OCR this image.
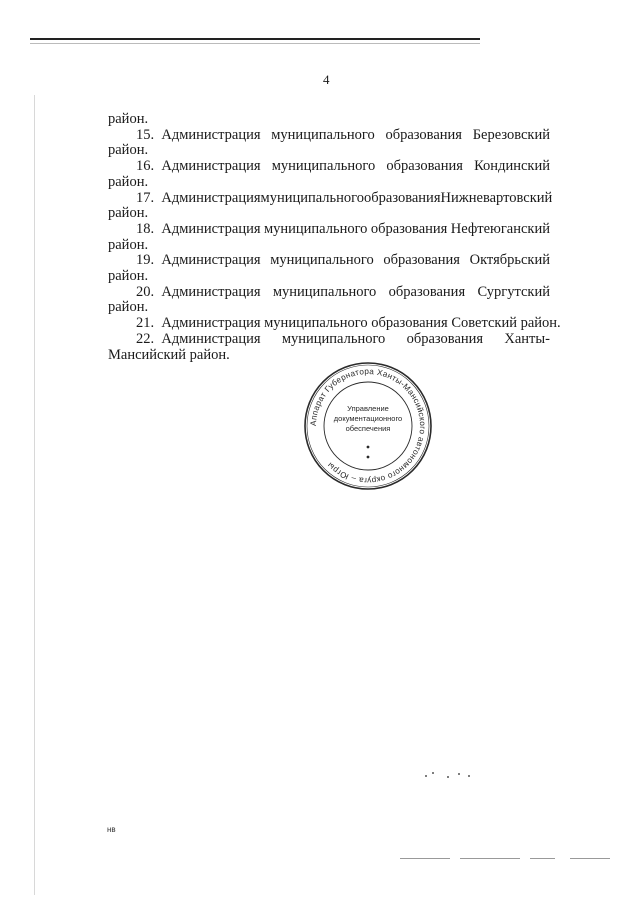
4
район.
15. Администрация муниципального образования Березовский
район.
16. Администрация муниципального образования Кондинский
район.
17. Администрация муниципального образования Нижневартовский
район.
18. Администрация муниципального образования Нефтеюганский
район.
19. Администрация муниципального образования Октябрьский
район.
20. Администрация муниципального образования Сургутский
район.
21. Администрация муниципального образования Советский район.
22. Администрация муниципального образования Ханты-
Мансийский район.
Аппарат Губернатора Ханты-Мансийского автономного округа – Югры
Управление
документационного
обеспечения
нв
